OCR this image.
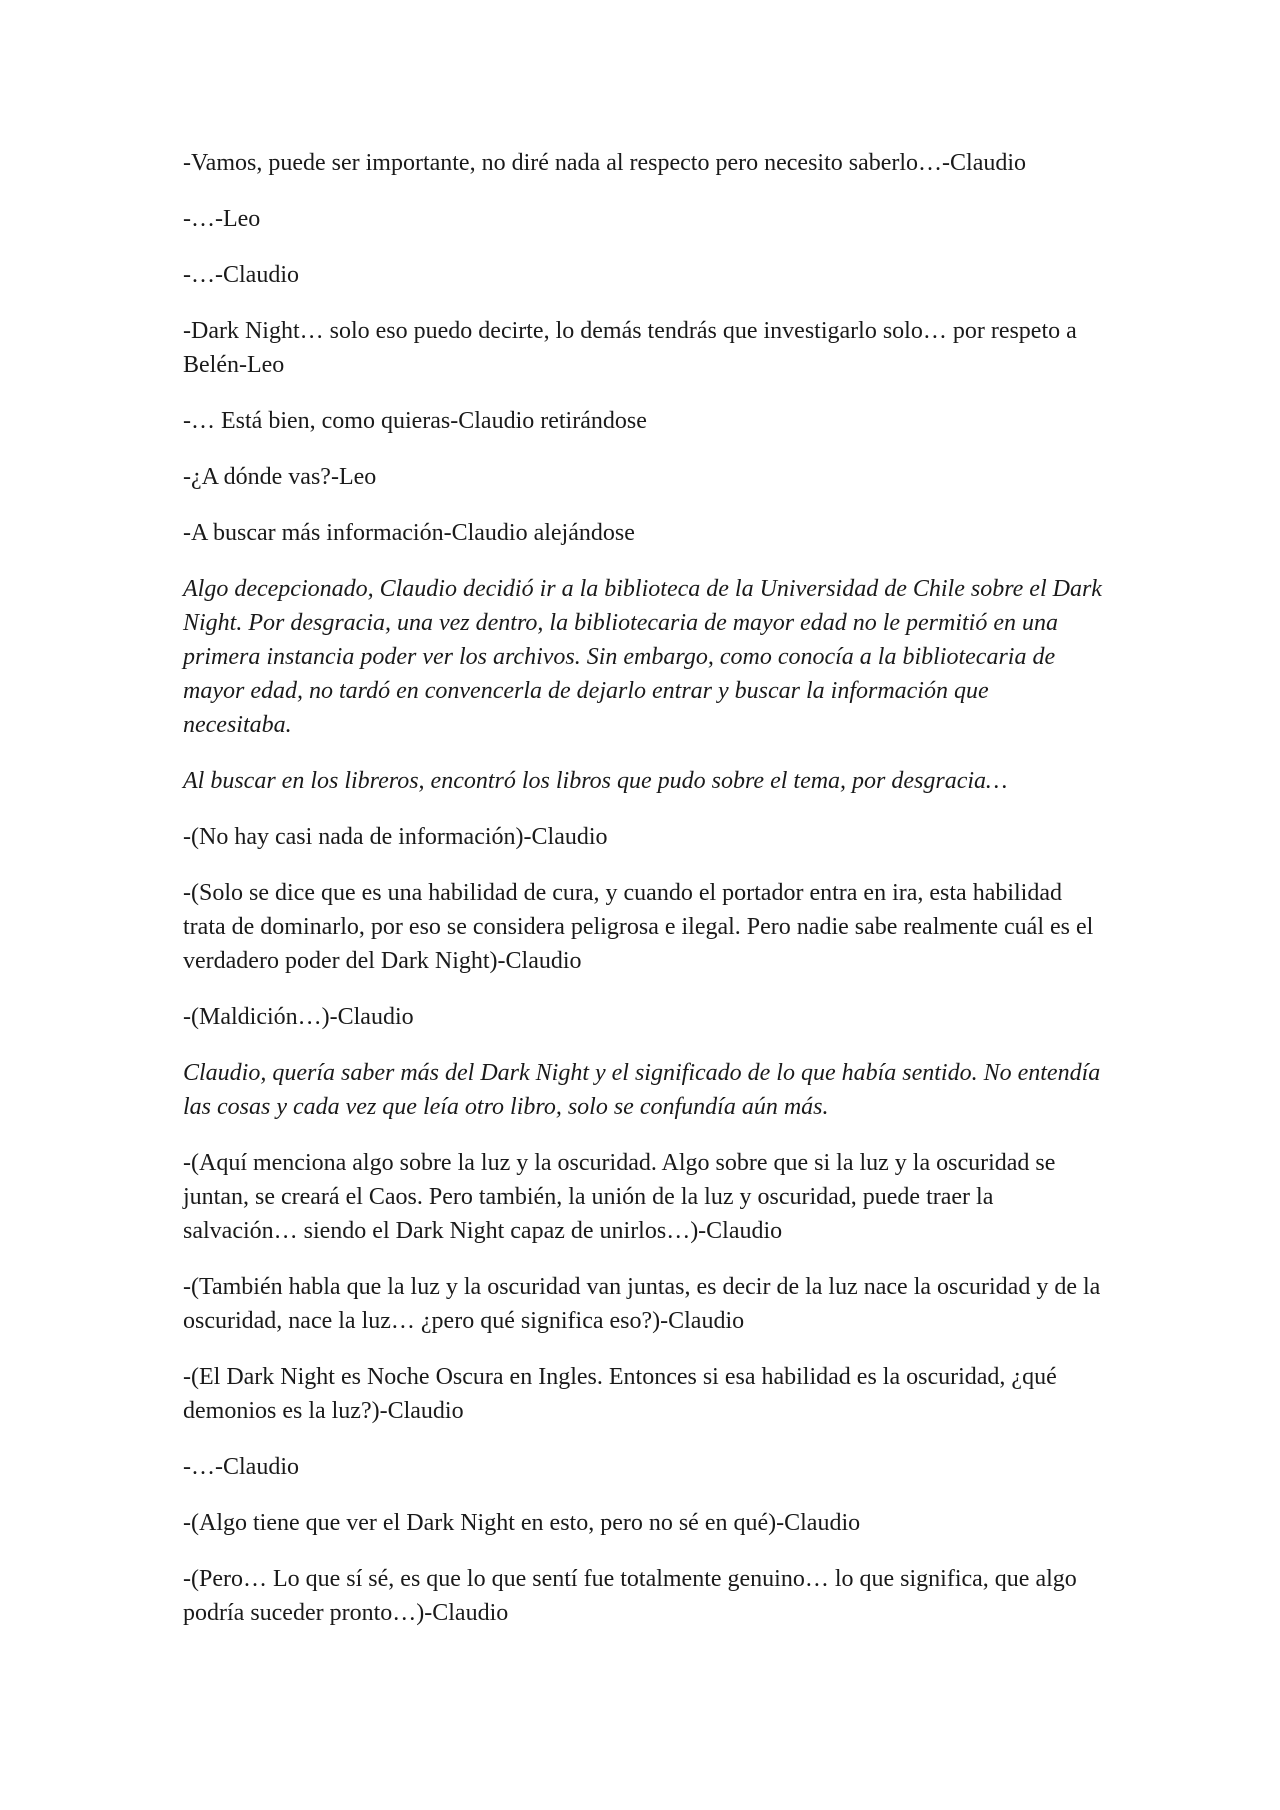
-Vamos, puede ser importante, no diré nada al respecto pero necesito saberlo…-Claudio

-…-Leo

-…-Claudio

-Dark Night… solo eso puedo decirte, lo demás tendrás que investigarlo solo… por respeto a Belén-Leo

-… Está bien, como quieras-Claudio retirándose

-¿A dónde vas?-Leo

-A buscar más información-Claudio alejándose

Algo decepcionado, Claudio decidió ir a la biblioteca de la Universidad de Chile sobre el Dark Night. Por desgracia, una vez dentro, la bibliotecaria de mayor edad no le permitió en una primera instancia poder ver los archivos. Sin embargo, como conocía a la bibliotecaria de mayor edad, no tardó en convencerla de dejarlo entrar y buscar la información que necesitaba.

Al buscar en los libreros, encontró los libros que pudo sobre el tema, por desgracia…

-(No hay casi nada de información)-Claudio

-(Solo se dice que es una habilidad de cura, y cuando el portador entra en ira, esta habilidad trata de dominarlo, por eso se considera peligrosa e ilegal. Pero nadie sabe realmente cuál es el verdadero poder del Dark Night)-Claudio

-(Maldición…)-Claudio

Claudio, quería saber más del Dark Night y el significado de lo que había sentido. No entendía las cosas y cada vez que leía otro libro, solo se confundía aún más.

-(Aquí menciona algo sobre la luz y la oscuridad. Algo sobre que si la luz y la oscuridad se juntan, se creará el Caos. Pero también, la unión de la luz y oscuridad, puede traer la salvación… siendo el Dark Night capaz de unirlos…)-Claudio

-(También habla que la luz y la oscuridad van juntas, es decir de la luz nace la oscuridad y de la oscuridad, nace la luz… ¿pero qué significa eso?)-Claudio

-(El Dark Night es Noche Oscura en Ingles. Entonces si esa habilidad es la oscuridad, ¿qué demonios es la luz?)-Claudio

-…-Claudio

-(Algo tiene que ver el Dark Night en esto, pero no sé en qué)-Claudio

-(Pero… Lo que sí sé, es que lo que sentí fue totalmente genuino… lo que significa, que algo podría suceder pronto…)-Claudio
